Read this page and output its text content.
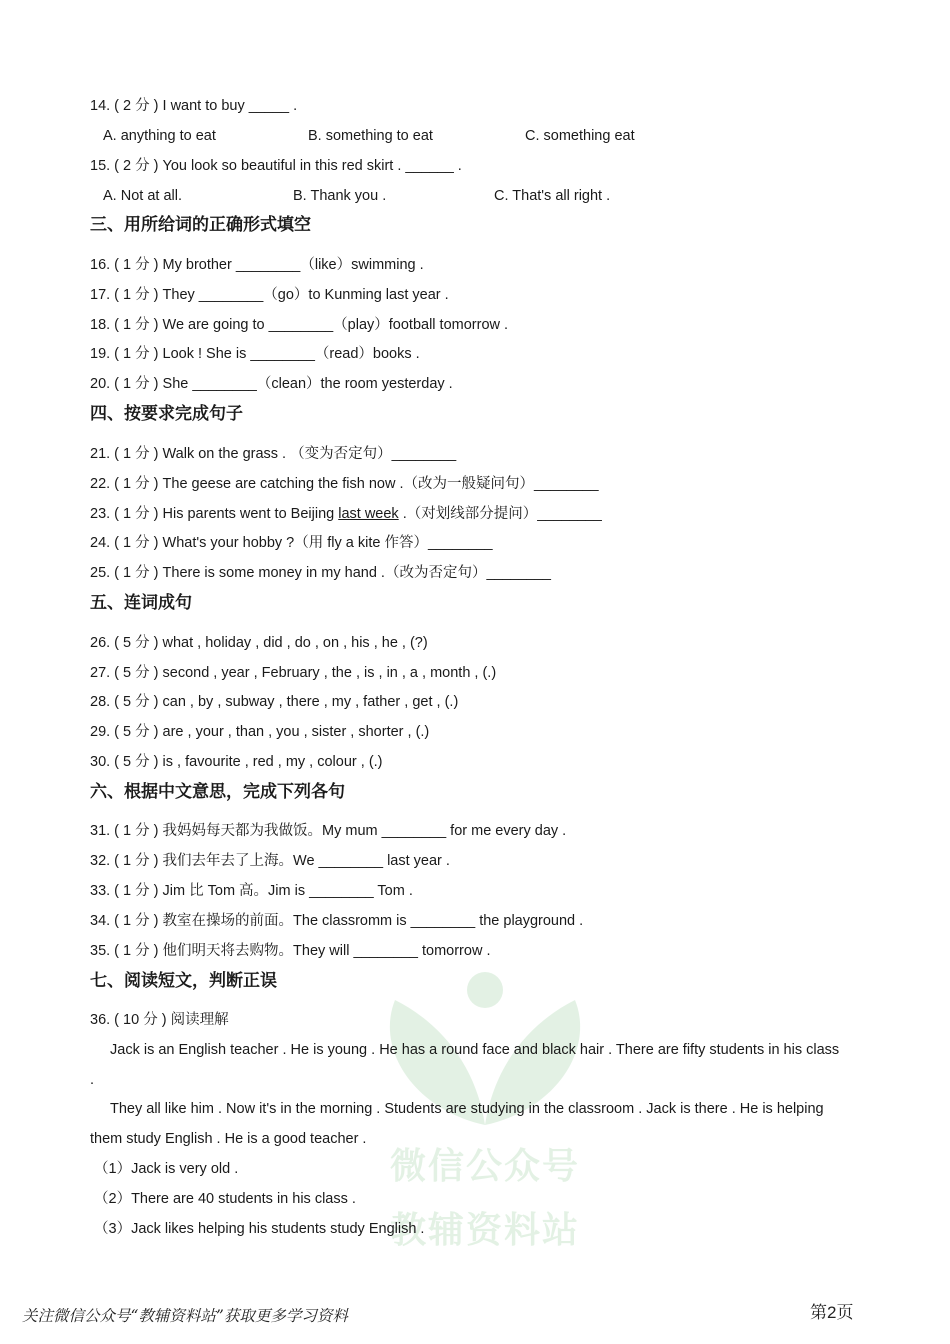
微信公众号
教辅资料站
14. ( 2 分 ) I want to buy _____ .
A. anything to eat	B. something to eat	C. something eat
15. ( 2 分 ) You look so beautiful in this red skirt . ______ .
A. Not at all.	B. Thank you .	C. That's all right .
三、用所给词的正确形式填空
16. ( 1 分 ) My brother ________（like）swimming .
17. ( 1 分 ) They ________（go）to Kunming last year .
18. ( 1 分 ) We are going to ________（play）football tomorrow .
19. ( 1 分 ) Look ! She is ________（read）books .
20. ( 1 分 ) She ________（clean）the room yesterday .
四、按要求完成句子
21. ( 1 分 ) Walk on the grass . （变为否定句）________
22. ( 1 分 ) The geese are catching the fish now .（改为一般疑问句）________
23. ( 1 分 ) His parents went to Beijing last week .（对划线部分提问）________
24. ( 1 分 ) What's your hobby ?（用 fly a kite 作答）________
25. ( 1 分 ) There is some money in my hand .（改为否定句）________
五、连词成句
26. ( 5 分 ) what , holiday , did , do , on , his , he , (?)
27. ( 5 分 ) second , year , February , the , is , in , a , month , (.)
28. ( 5 分 ) can , by , subway , there , my , father , get , (.)
29. ( 5 分 ) are , your , than , you , sister , shorter , (.)
30. ( 5 分 ) is , favourite , red , my , colour , (.)
六、根据中文意思，完成下列各句
31. ( 1 分 ) 我妈妈每天都为我做饭。My mum ________ for me every day .
32. ( 1 分 ) 我们去年去了上海。We ________ last year .
33. ( 1 分 ) Jim 比 Tom 高。Jim is ________ Tom .
34. ( 1 分 ) 教室在操场的前面。The classromm is ________ the playground .
35. ( 1 分 ) 他们明天将去购物。They will ________ tomorrow .
七、阅读短文，判断正误
36. ( 10 分 ) 阅读理解
Jack is an English teacher . He is young . He has a round face and black hair . There are fifty students in his class .
They all like him . Now it's in the morning . Students are studying in the classroom . Jack is there . He is helping them study English . He is a good teacher .
（1）Jack is very old .
（2）There are 40 students in his class .
（3）Jack likes helping his students study English .
关注微信公众号“教辅资料站”获取更多学习资料	第2页
